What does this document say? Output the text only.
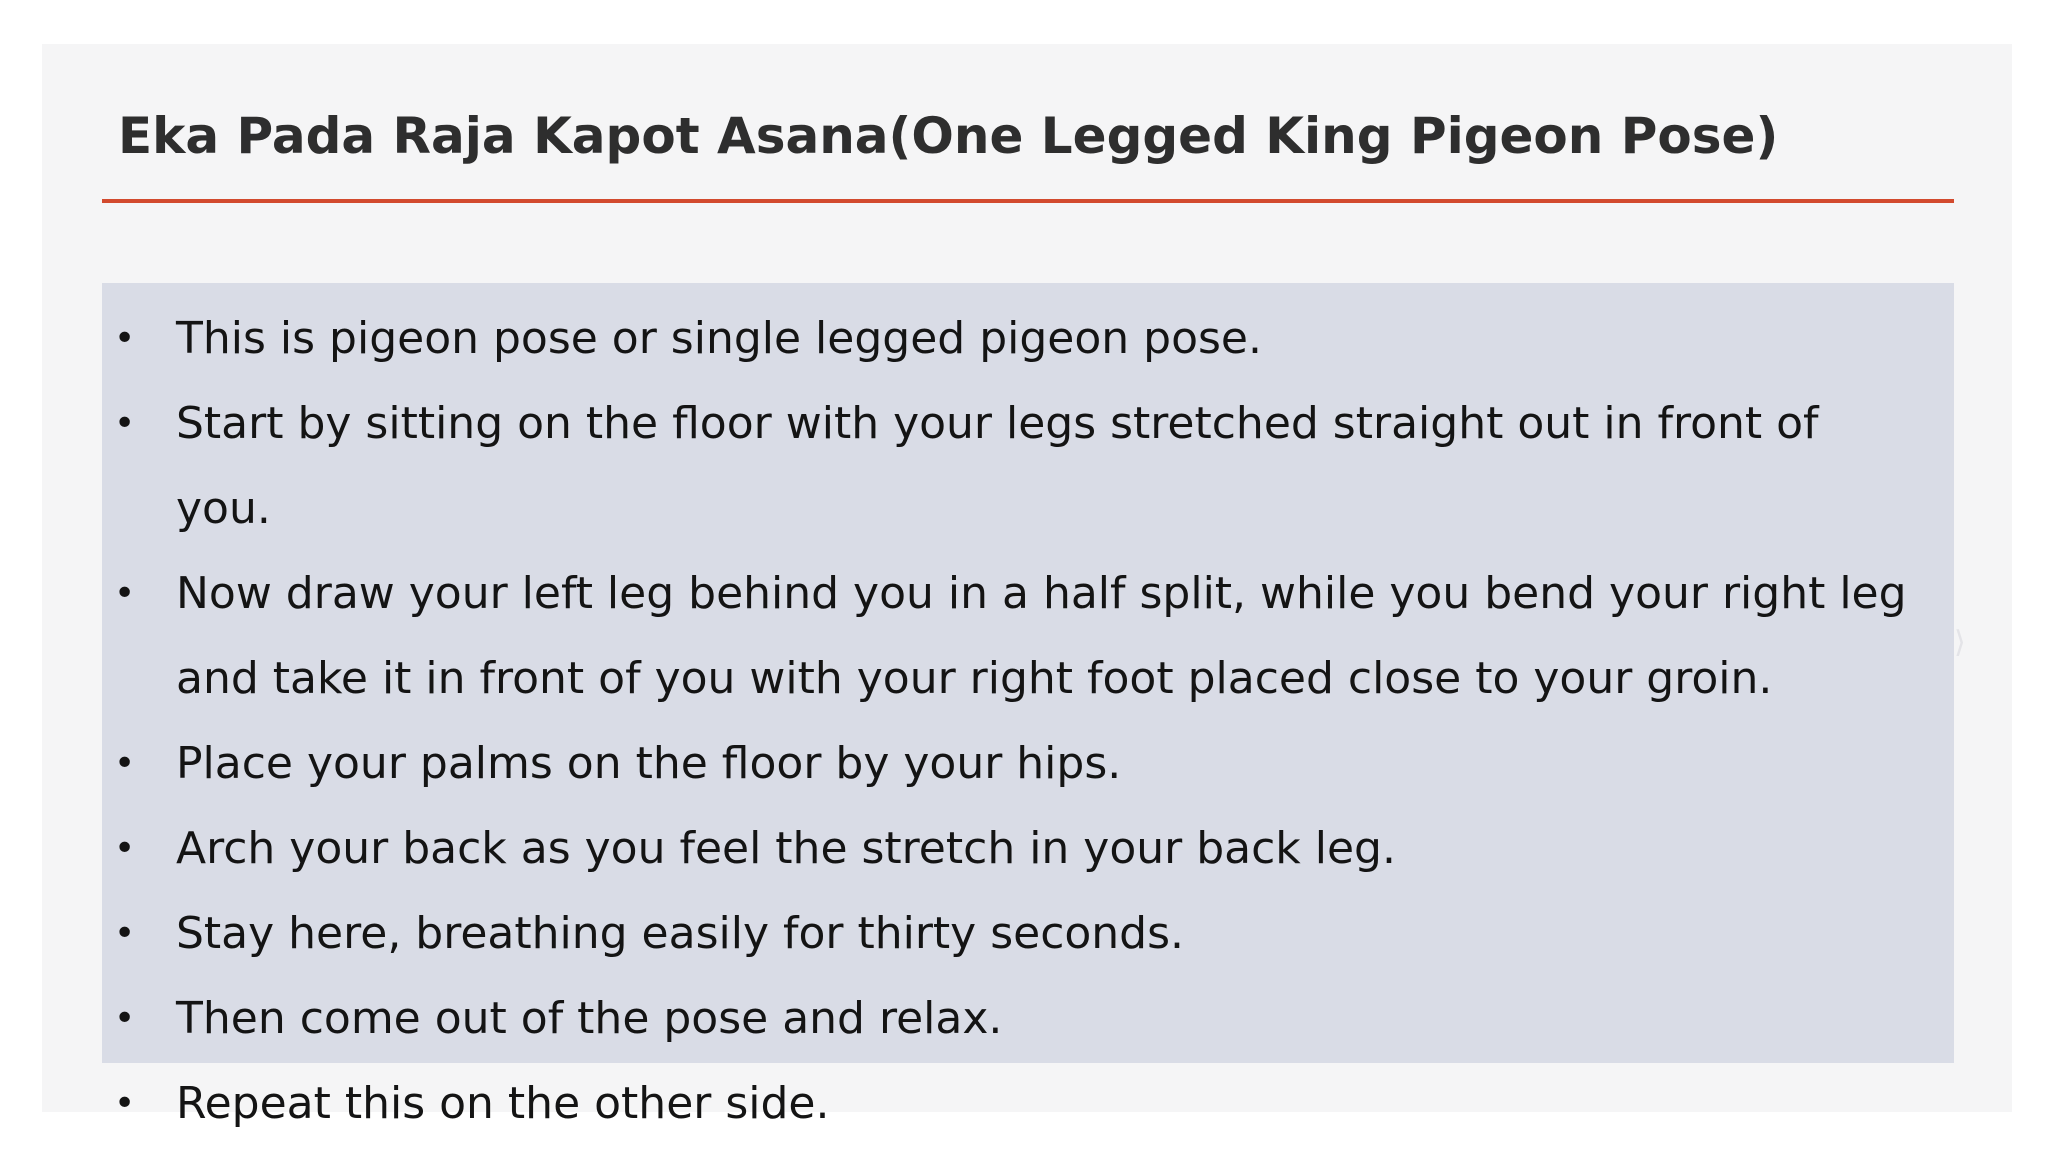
Eka Pada Raja Kapot Asana(One Legged King Pigeon Pose)
• This is pigeon pose or single legged pigeon pose.
• Start by sitting on the floor with your legs stretched straight out in front of you.
• Now draw your left leg behind you in a half split, while you bend your right leg and take it in front of you with your right foot placed close to your groin.
• Place your palms on the floor by your hips.
• Arch your back as you feel the stretch in your back leg.
• Stay here, breathing easily for thirty seconds.
• Then come out of the pose and relax.
• Repeat this on the other side.
⟩
